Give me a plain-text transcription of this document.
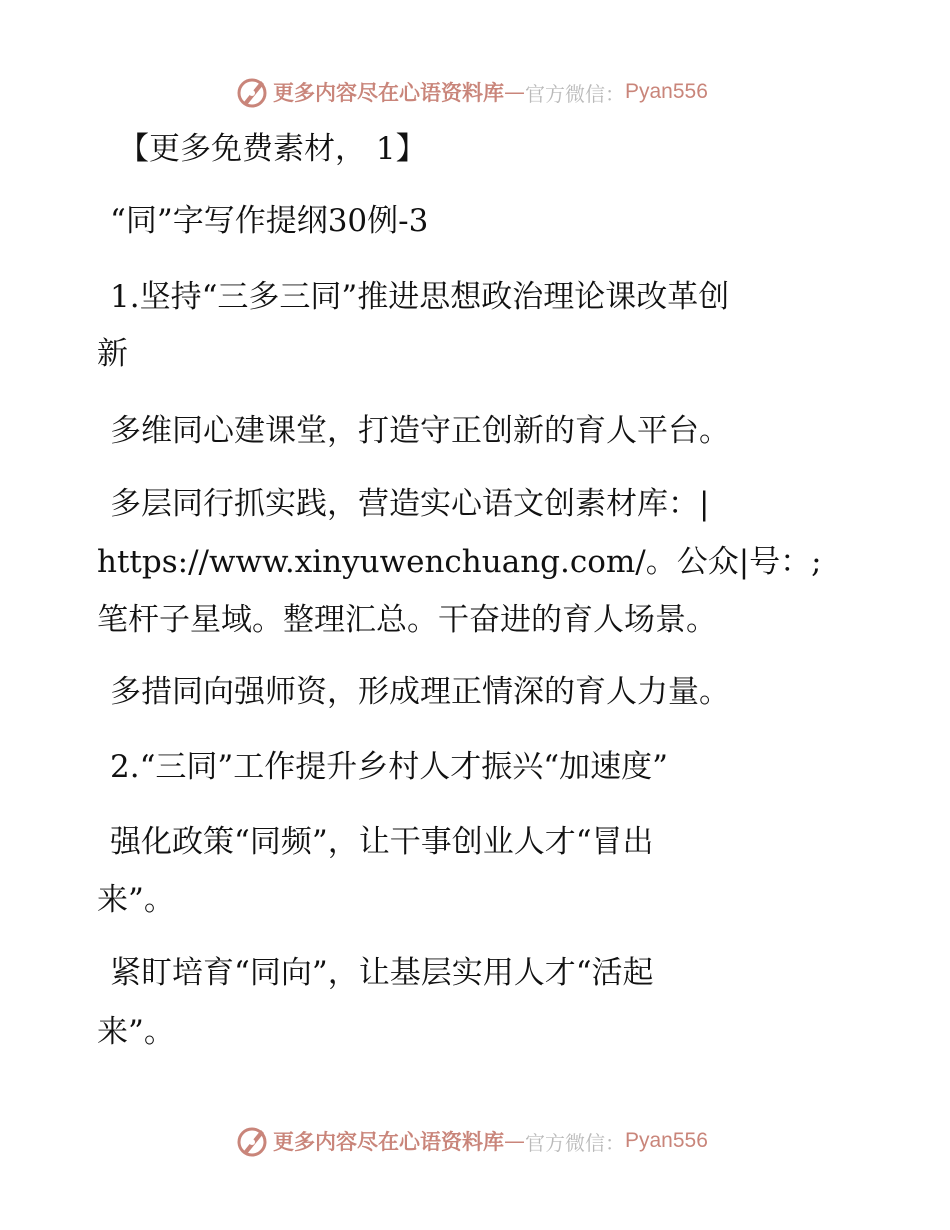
更多内容尽在心语资料库 — 官方微信： Pyan556
【更多免费素材， 1】
“同”字写作提纲30例-3
1.坚持“三多三同”推进思想政治理论课改革创
新
多维同心建课堂，打造守正创新的育人平台。
多层同行抓实践，营造实心语文创素材库：|
https://www.xinyuwenchuang.com/。公众|号：;
笔杆子星域。整理汇总。干奋进的育人场景。
多措同向强师资，形成理正情深的育人力量。
2.“三同”工作提升乡村人才振兴“加速度”
强化政策“同频”，让干事创业人才“冒出
来”。
紧盯培育“同向”，让基层实用人才“活起
来”。
更多内容尽在心语资料库 — 官方微信： Pyan556
